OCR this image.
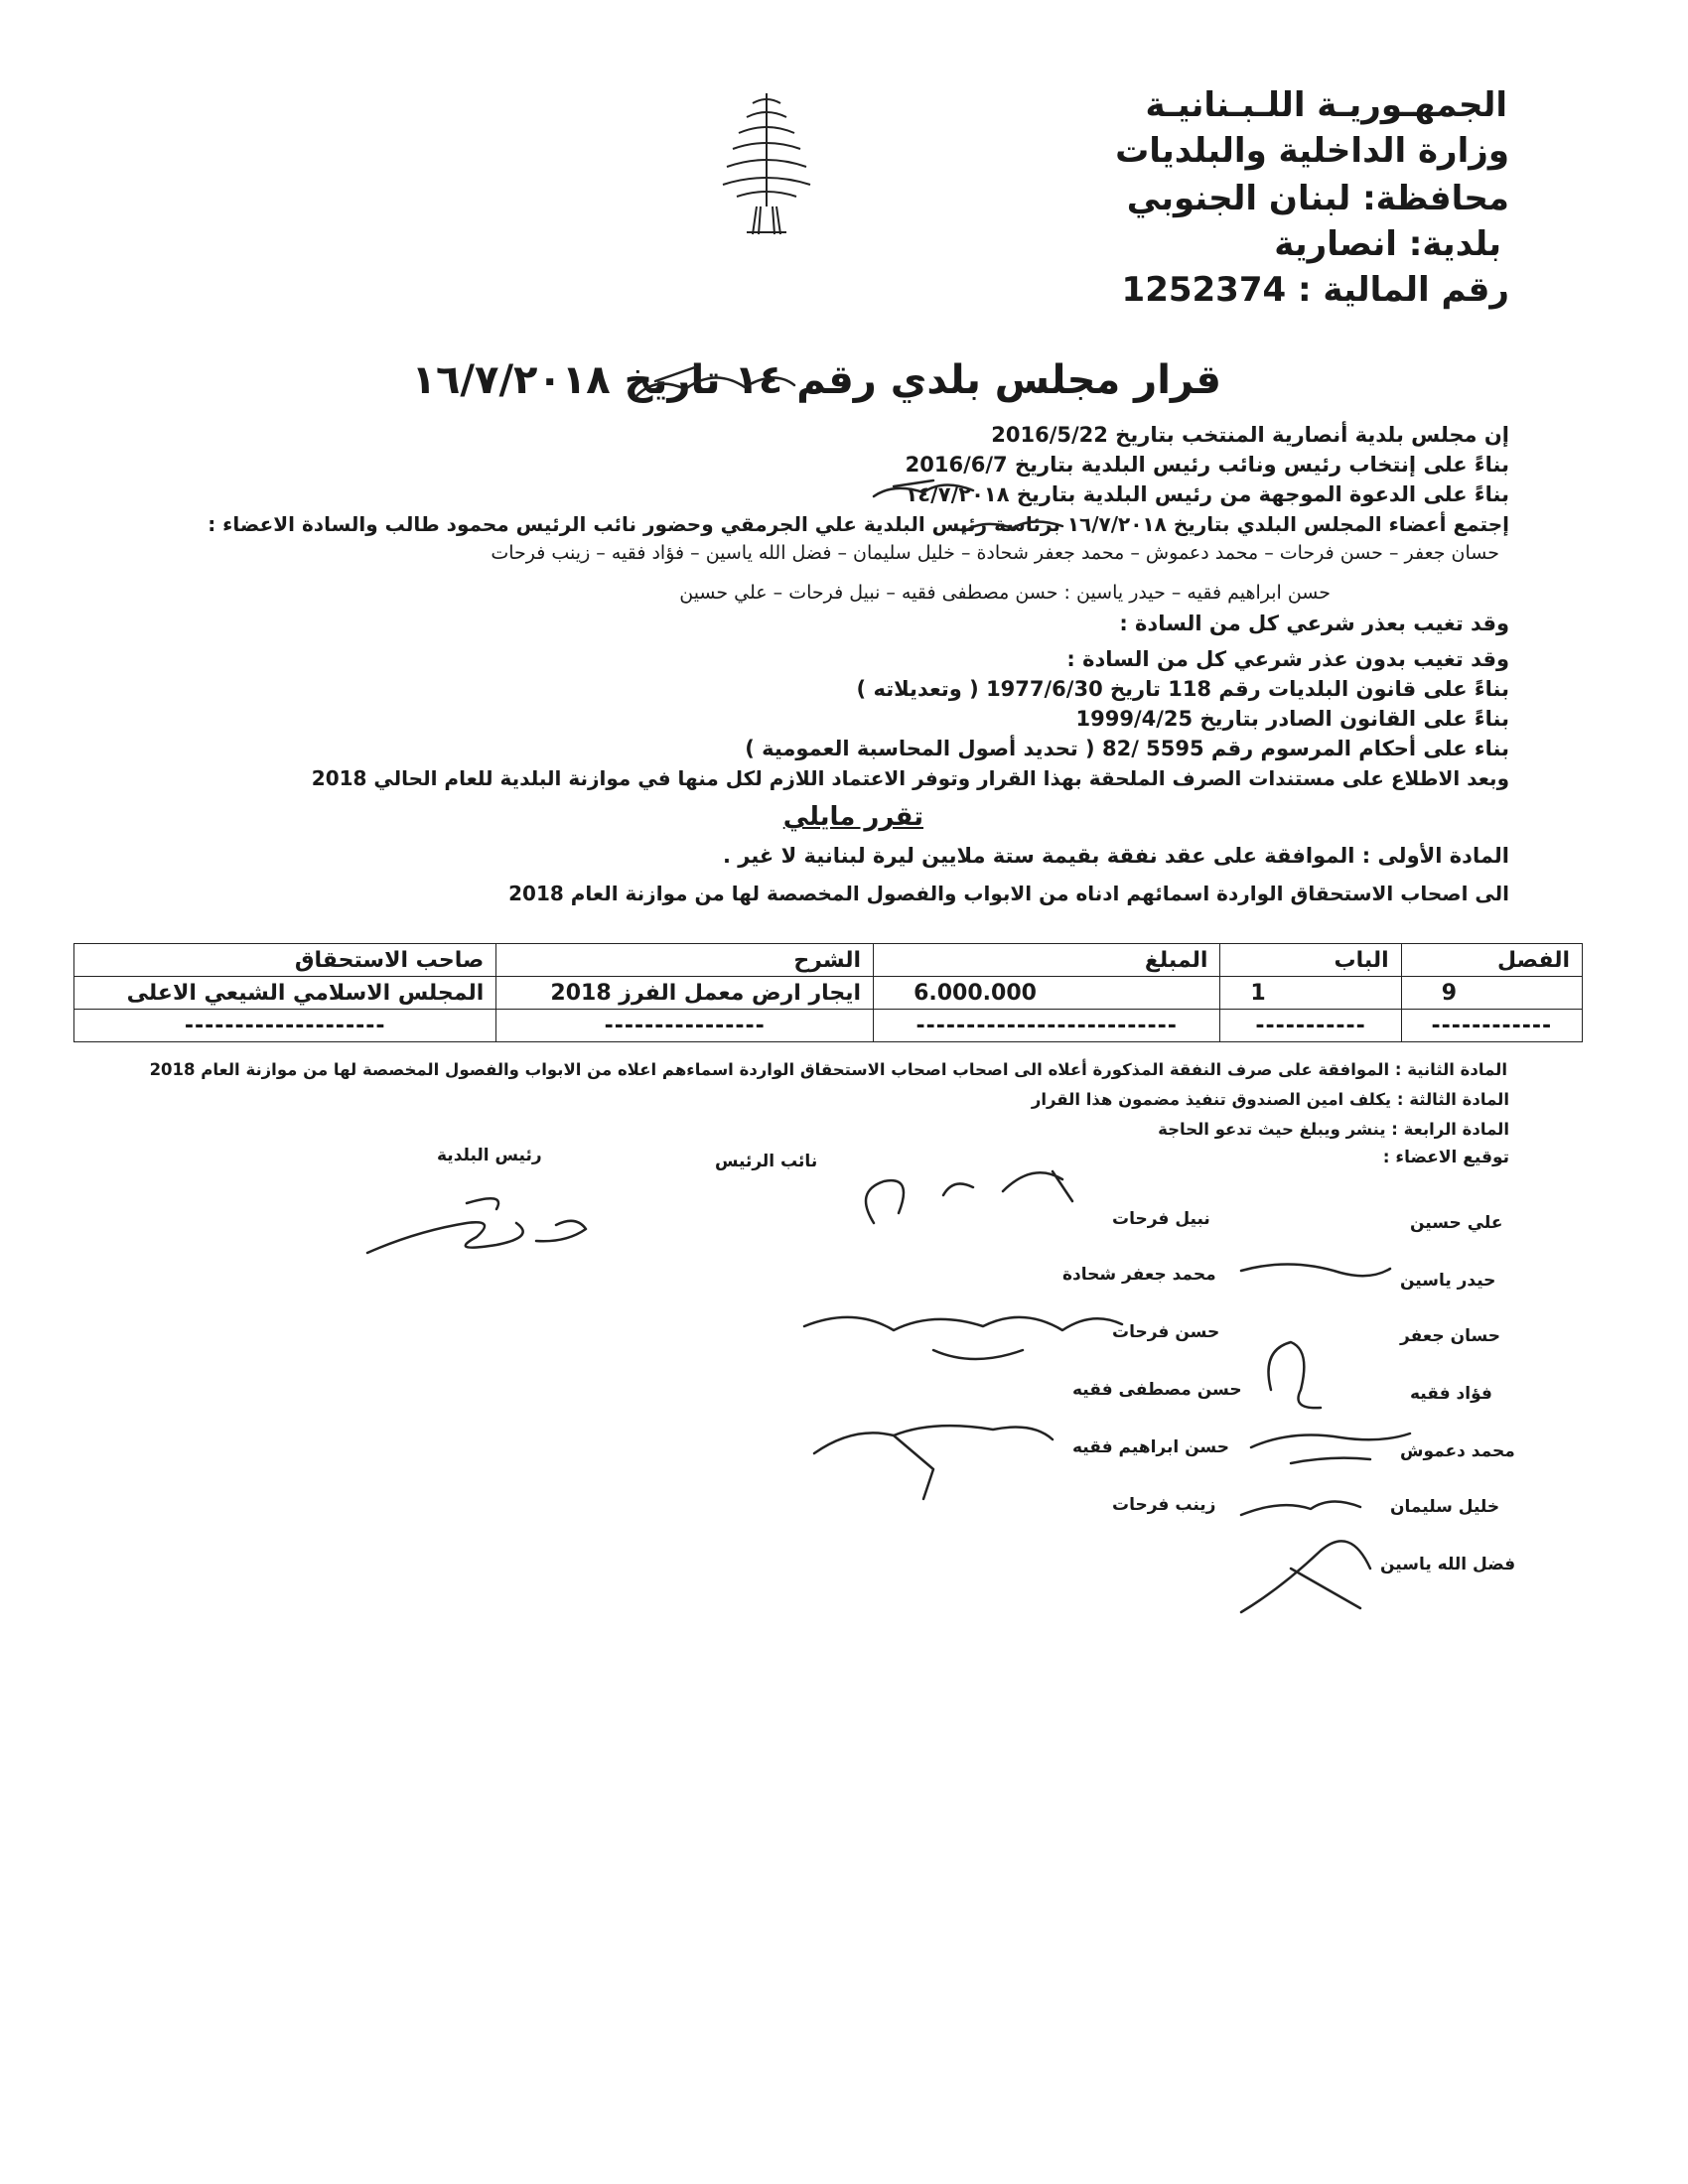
الجمهـوريـة اللـبـنانيـة
وزارة الداخلية والبلديات
محافظة: لبنان الجنوبي
بلدية: انصارية
رقم المالية : 1252374
قرار مجلس بلدي رقم ١٤ تاريخ ١٦/٧/٢٠١٨
إن مجلس بلدية أنصارية المنتخب بتاريخ 2016/5/22
بناءً على إنتخاب رئيس ونائب رئيس البلدية بتاريخ 2016/6/7
بناءً على الدعوة الموجهة من رئيس البلدية بتاريخ ١٤/٧/٢٠١٨
إجتمع أعضاء المجلس البلدي بتاريخ ١٦/٧/٢٠١٨ برئاسة رئيس البلدية علي الجرمقي وحضور نائب الرئيس محمود طالب والسادة الاعضاء :
حسان جعفر – حسن فرحات – محمد دعموش – محمد جعفر شحادة – خليل سليمان – فضل الله ياسين – فؤاد فقيه – زينب فرحات
حسن ابراهيم فقيه – حيدر ياسين : حسن مصطفى فقيه – نبيل فرحات – علي حسين
وقد تغيب بعذر شرعي كل من السادة :
وقد تغيب بدون عذر شرعي كل من السادة :
بناءً على قانون البلديات رقم 118 تاريخ 1977/6/30 ( وتعديلاته )
بناءً على القانون الصادر بتاريخ 1999/4/25
بناء على أحكام المرسوم رقم 5595 /82 ( تحديد أصول المحاسبة العمومية )
وبعد الاطلاع على مستندات الصرف الملحقة بهذا القرار وتوفر الاعتماد اللازم لكل منها في موازنة البلدية للعام الحالي 2018
تقرر مايلي
المادة الأولى : الموافقة على عقد نفقة بقيمة ستة ملايين ليرة لبنانية لا غير .
الى اصحاب الاستحقاق الواردة اسمائهم ادناه من الابواب والفصول المخصصة لها من موازنة العام 2018
صاحب الاستحقاق	الشرح	المبلغ	الباب	الفصل
المجلس الاسلامي الشيعي الاعلى	ايجار ارض معمل الفرز 2018	6.000.000	1	9
--------------------	----------------	--------------------------	-----------	------------
المادة الثانية : الموافقة على صرف النفقة المذكورة أعلاه الى اصحاب اصحاب الاستحقاق الواردة اسماءهم اعلاه من الابواب والفصول المخصصة لها من موازنة العام 2018
المادة الثالثة : يكلف امين الصندوق تنفيذ مضمون هذا القرار
المادة الرابعة : ينشر ويبلغ حيث تدعو الحاجة
توقيع الاعضاء :
رئيس البلدية	نائب الرئيس
نبيل فرحات
محمد جعفر شحادة
حسن فرحات
حسن مصطفى فقيه
حسن ابراهيم فقيه
زينب فرحات
علي حسين
حيدر ياسين
حسان جعفر
فؤاد فقيه
محمد دعموش
خليل سليمان
فضل الله ياسين
